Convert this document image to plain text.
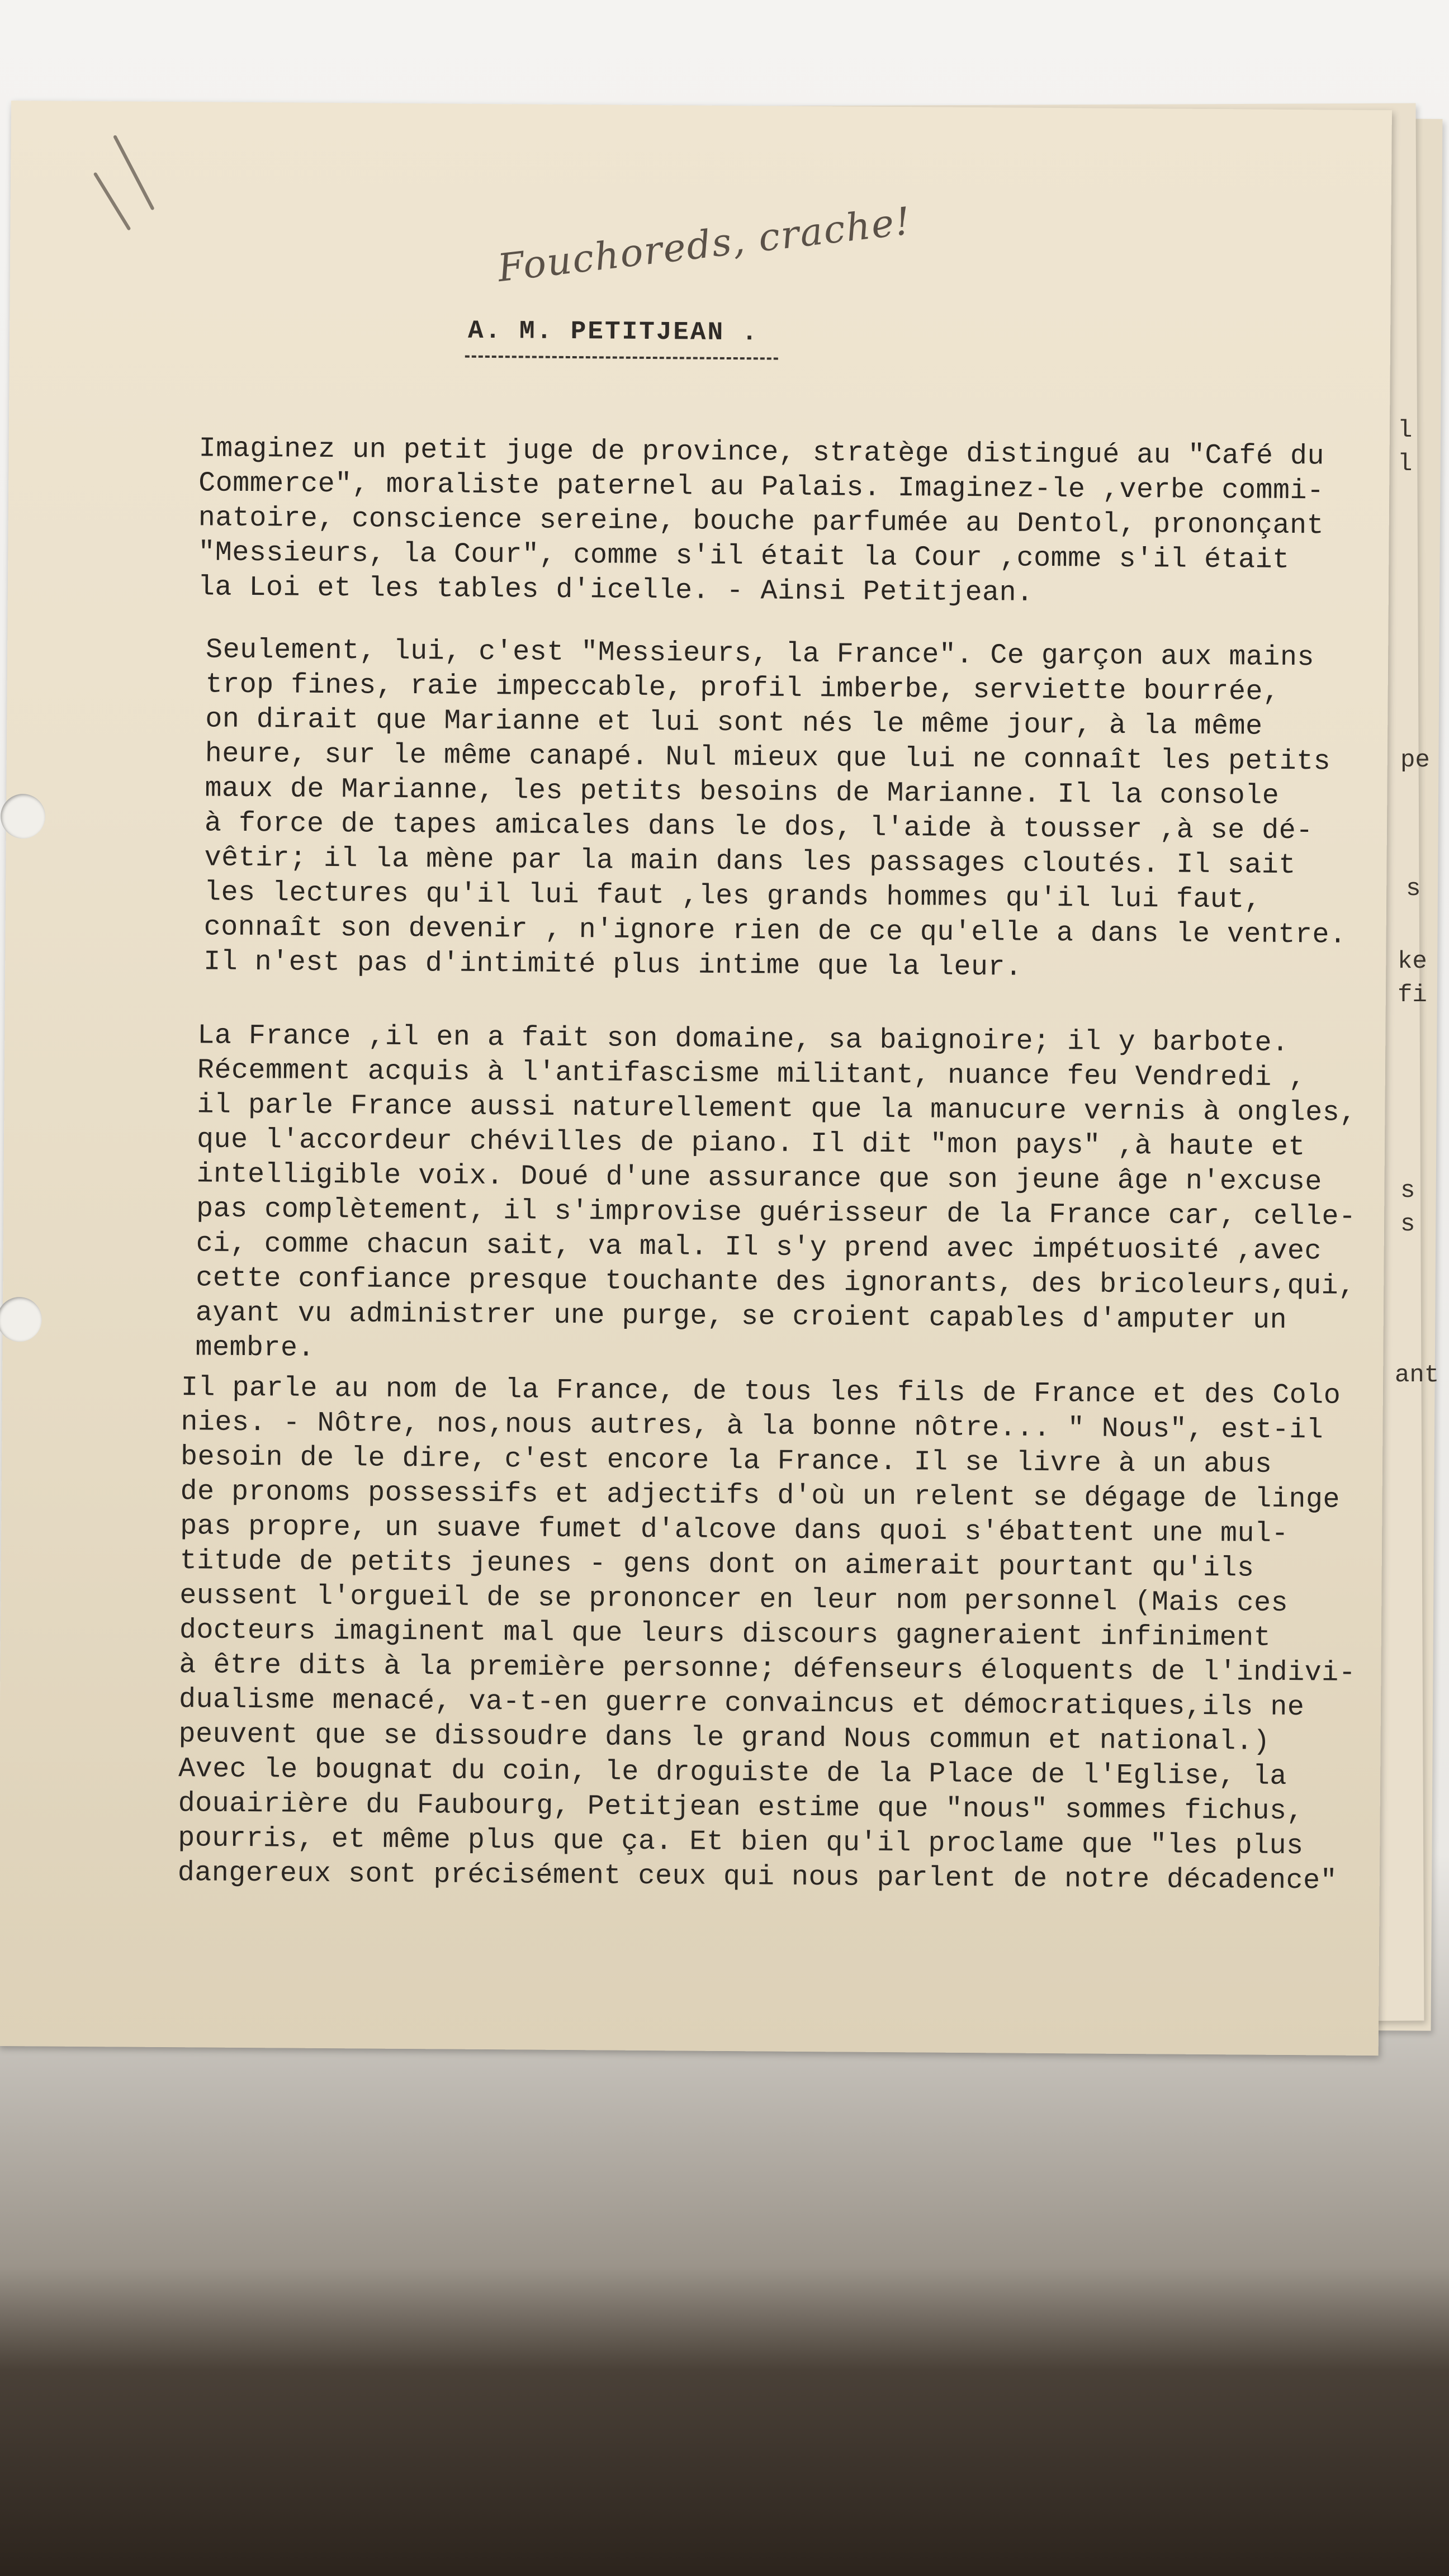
l
l
pe
s
ke
fi
s
s
ant
Fouchoreds, crache!
A. M. PETITJEAN .
Imaginez un petit juge de province, stratège distingué au "Café du
Commerce", moraliste paternel au Palais. Imaginez-le ,verbe commi-
natoire, conscience sereine, bouche parfumée au Dentol, prononçant
"Messieurs, la Cour", comme s'il était la Cour ,comme s'il était
la Loi et les tables d'icelle. - Ainsi Petitjean.
Seulement, lui, c'est "Messieurs, la France". Ce garçon aux mains
trop fines, raie impeccable, profil imberbe, serviette bourrée,
on dirait que Marianne et lui sont nés le même jour, à la même
heure, sur le même canapé. Nul mieux que lui ne connaît les petits
maux de Marianne, les petits besoins de Marianne. Il la console
à force de tapes amicales dans le dos, l'aide à tousser ,à se dé-
vêtir; il la mène par la main dans les passages cloutés. Il sait
les lectures qu'il lui faut ,les grands hommes qu'il lui faut,
connaît son devenir , n'ignore rien de ce qu'elle a dans le ventre.
Il n'est pas d'intimité plus intime que la leur.
La France ,il en a fait son domaine, sa baignoire; il y barbote.
Récemment acquis à l'antifascisme militant, nuance feu Vendredi ,
il parle France aussi naturellement que la manucure vernis à ongles,
que l'accordeur chévilles de piano. Il dit "mon pays" ,à haute et
intelligible voix. Doué d'une assurance que son jeune âge n'excuse
pas complètement, il s'improvise guérisseur de la France car, celle-
ci, comme chacun sait, va mal. Il s'y prend avec impétuosité ,avec
cette confiance presque touchante des ignorants, des bricoleurs,qui,
ayant vu administrer une purge, se croient capables d'amputer un
membre.
Il parle au nom de la France, de tous les fils de France et des Colo
nies. - Nôtre, nos,nous autres, à la bonne nôtre... " Nous", est-il
besoin de le dire, c'est encore la France. Il se livre à un abus
de pronoms possessifs et adjectifs d'où un relent se dégage de linge
pas propre, un suave fumet d'alcove dans quoi s'ébattent une mul-
titude de petits jeunes - gens dont on aimerait pourtant qu'ils
eussent l'orgueil de se prononcer en leur nom personnel (Mais ces
docteurs imaginent mal que leurs discours gagneraient infiniment
à être dits à la première personne; défenseurs éloquents de l'indivi-
dualisme menacé, va-t-en guerre convaincus et démocratiques,ils ne
peuvent que se dissoudre dans le grand Nous commun et national.)
Avec le bougnat du coin, le droguiste de la Place de l'Eglise, la
douairière du Faubourg, Petitjean estime que "nous" sommes fichus,
pourris, et même plus que ça. Et bien qu'il proclame que "les plus
dangereux sont précisément ceux qui nous parlent de notre décadence"
